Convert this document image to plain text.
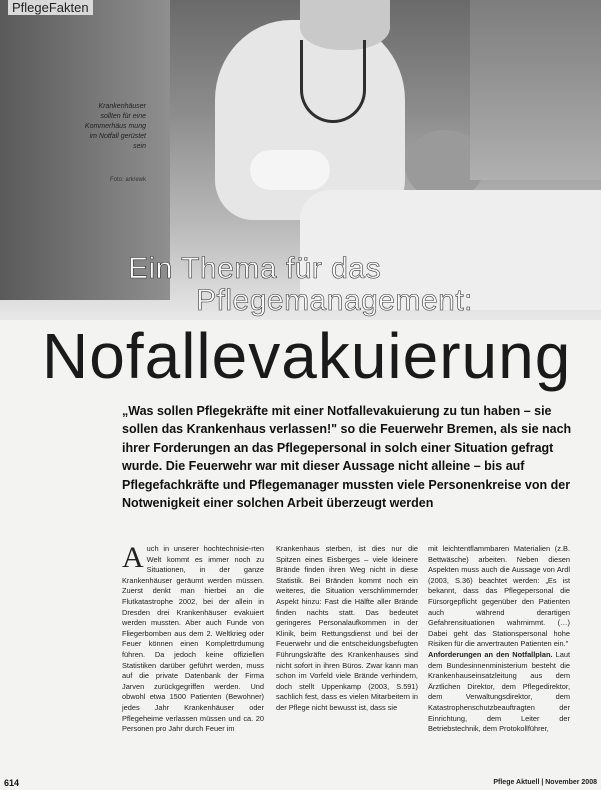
PflegeFakten
Krankenhäuser sollten für eine Kommerhäus mung im Notfall gerüstet sein
Foto: ark/ewk
Ein Thema für das
Pflegemanagement:
Nofallevakuierung
„Was sollen Pflegekräfte mit einer Notfallevakuierung zu tun haben – sie sollen das Krankenhaus verlassen!" so die Feuerwehr Bremen, als sie nach ihrer Forderungen an das Pflegepersonal in solch einer Situation gefragt wurde. Die Feuerwehr war mit dieser Aussage nicht alleine – bis auf Pflegefachkräfte und Pflegemanager mussten viele Personenkreise von der Notwenigkeit einer solchen Arbeit überzeugt werden
A uch in unserer hochtechnisie-rten Welt kommt es immer noch zu Situationen, in der ganze Krankenhäuser geräumt werden müssen. Zuerst denkt man hierbei an die Flutkatastrophe 2002, bei der allein in Dresden drei Krankenhäuser evakuiert werden mussten. Aber auch Funde von Fliegerbomben aus dem 2. Weltkrieg oder Feuer können einen Komplettrdumung führen. Da jedoch keine offiziellen Statistiken darüber geführt werden, muss auf die private Datenbank der Firma Jarven zurückgegriffen werden. Und obwohl etwa 1500 Patienten (Bewohner) jedes Jahr Krankenhäuser oder Pflegeheime verlassen müssen und ca. 20 Personen pro Jahr durch Feuer im

Krankenhaus sterben, ist dies nur die Spitzen eines Eisberges – viele kleinere Brände finden ihren Weg nicht in diese Statistik. Bei Bränden kommt noch ein weiteres, die Situation verschlimmernder Aspekt hinzu: Fast die Hälfte aller Brände finden nachts statt. Das bedeutet geringeres Personalaufkommen in der Klinik, beim Rettungsdienst und bei der Feuerwehr und die entscheidungsbefugten Führungskräfte des Krankenhauses sind nicht sofort in ihren Büros. Zwar kann man schon im Vorfeld viele Brände verhindern, doch stellt Uppenkamp (2003, S.591) sachlich fest, dass es vielen Mitarbeitern in der Pflege nicht bewusst ist, dass sie

mit leichtentflammbaren Materialien (z.B. Bettwäsche) arbeiten. Neben diesen Aspekten muss auch die Aussage von Ardl (2003, S.36) beachtet werden: „Es ist bekannt, dass das Pflegepersonal die Fürsorgepflicht gegenüber den Patienten auch während derartigen Gefahrensituationen wahrnimmt. (…) Dabei geht das Stationspersonal hohe Risiken für die anvertrauten Patienten ein."

Anforderungen an den Notfallplan. Laut dem Bundesinnenministerium besteht die Krankenhauseinsatzleitung aus dem Ärztlichen Direktor, dem Pflegedirektor, dem Verwaltungsdirektor, dem Katastrophenschutzbeauftragten der Einrichtung, dem Leiter der Betriebstechnik, dem Protokollführer,

614	Pflege Aktuell | November 2008
